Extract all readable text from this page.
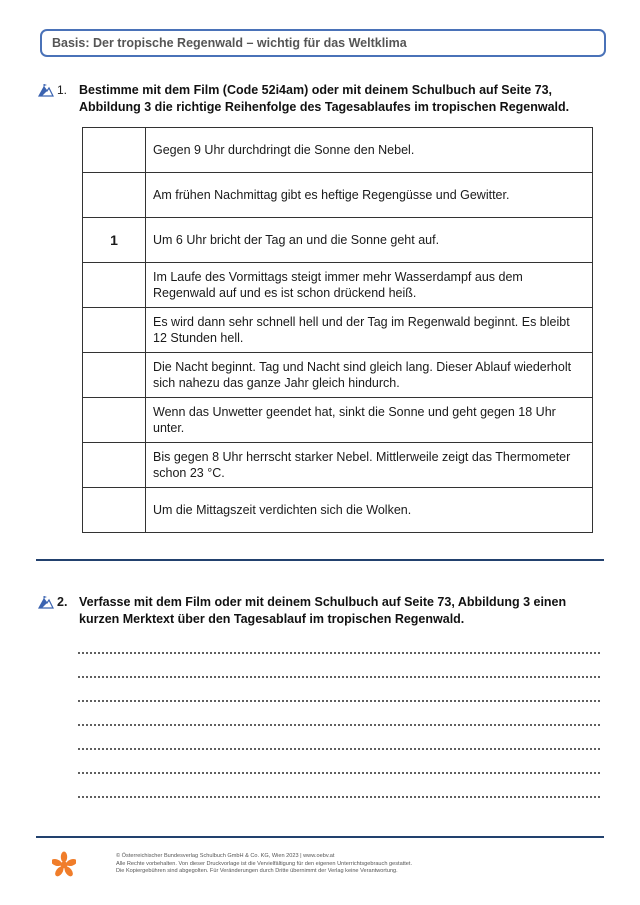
Basis: Der tropische Regenwald – wichtig für das Weltklima
1. Bestimme mit dem Film (Code 52i4am) oder mit deinem Schulbuch auf Seite 73,
Abbildung 3 die richtige Reihenfolge des Tagesablaufes im tropischen Regenwald.
	Gegen 9 Uhr durchdringt die Sonne den Nebel.
	Am frühen Nachmittag gibt es heftige Regengüsse und Gewitter.
1	Um 6 Uhr bricht der Tag an und die Sonne geht auf.
	Im Laufe des Vormittags steigt immer mehr Wasserdampf aus dem Regenwald auf und es ist schon drückend heiß.
	Es wird dann sehr schnell hell und der Tag im Regenwald beginnt. Es bleibt 12 Stunden hell.
	Die Nacht beginnt. Tag und Nacht sind gleich lang. Dieser Ablauf wiederholt sich nahezu das ganze Jahr gleich hindurch.
	Wenn das Unwetter geendet hat, sinkt die Sonne und geht gegen 18 Uhr unter.
	Bis gegen 8 Uhr herrscht starker Nebel. Mittlerweile zeigt das Thermometer schon 23 °C.
	Um die Mittagszeit verdichten sich die Wolken.
2. Verfasse mit dem Film oder mit deinem Schulbuch auf Seite 73, Abbildung 3 einen
kurzen Merktext über den Tagesablauf im tropischen Regenwald.
© Österreichischer Bundesverlag Schulbuch GmbH & Co. KG, Wien 2023 | www.oebv.at
Alle Rechte vorbehalten. Von dieser Druckvorlage ist die Vervielfältigung für den eigenen Unterrichtsgebrauch gestattet.
Die Kopiergebühren sind abgegolten. Für Veränderungen durch Dritte übernimmt der Verlag keine Verantwortung.
